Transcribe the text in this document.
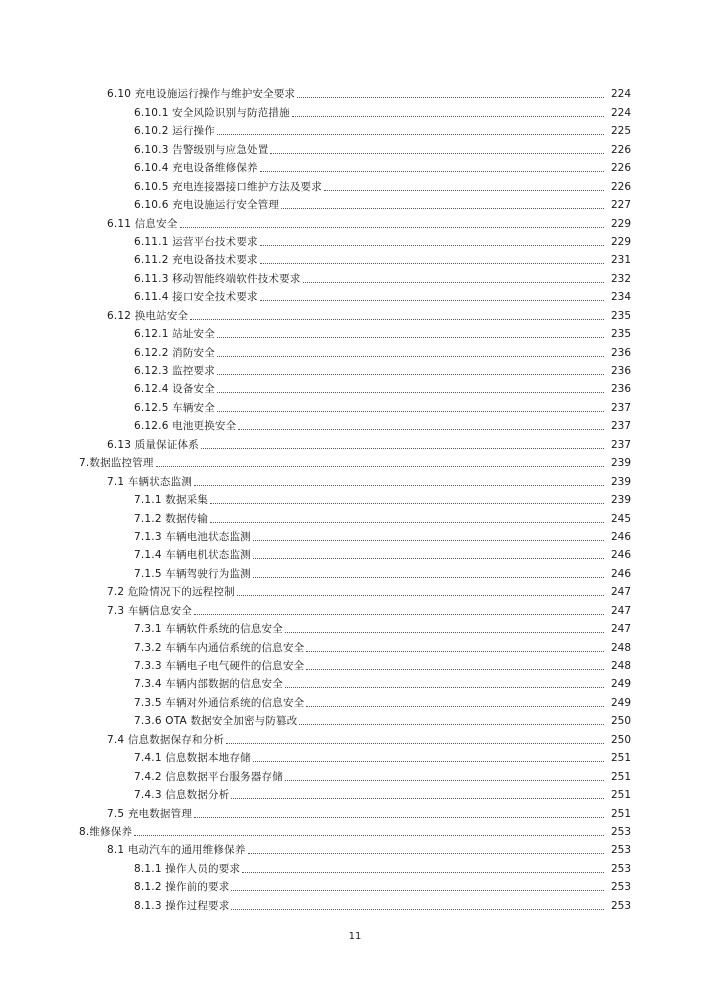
6.10 充电设施运行操作与维护安全要求	224
6.10.1 安全风险识别与防范措施	224
6.10.2 运行操作	225
6.10.3 告警级别与应急处置	226
6.10.4 充电设备维修保养	226
6.10.5 充电连接器接口维护方法及要求	226
6.10.6 充电设施运行安全管理	227
6.11 信息安全	229
6.11.1 运营平台技术要求	229
6.11.2 充电设备技术要求	231
6.11.3 移动智能终端软件技术要求	232
6.11.4 接口安全技术要求	234
6.12 换电站安全	235
6.12.1 站址安全	235
6.12.2 消防安全	236
6.12.3 监控要求	236
6.12.4 设备安全	236
6.12.5 车辆安全	237
6.12.6 电池更换安全	237
6.13 质量保证体系	237
7.数据监控管理	239
7.1 车辆状态监测	239
7.1.1 数据采集	239
7.1.2 数据传输	245
7.1.3 车辆电池状态监测	246
7.1.4 车辆电机状态监测	246
7.1.5 车辆驾驶行为监测	246
7.2 危险情况下的远程控制	247
7.3 车辆信息安全	247
7.3.1 车辆软件系统的信息安全	247
7.3.2 车辆车内通信系统的信息安全	248
7.3.3 车辆电子电气硬件的信息安全	248
7.3.4 车辆内部数据的信息安全	249
7.3.5 车辆对外通信系统的信息安全	249
7.3.6 OTA 数据安全加密与防篡改	250
7.4 信息数据保存和分析	250
7.4.1 信息数据本地存储	251
7.4.2 信息数据平台服务器存储	251
7.4.3 信息数据分析	251
7.5 充电数据管理	251
8.维修保养	253
8.1 电动汽车的通用维修保养	253
8.1.1 操作人员的要求	253
8.1.2 操作前的要求	253
8.1.3 操作过程要求	253
11
